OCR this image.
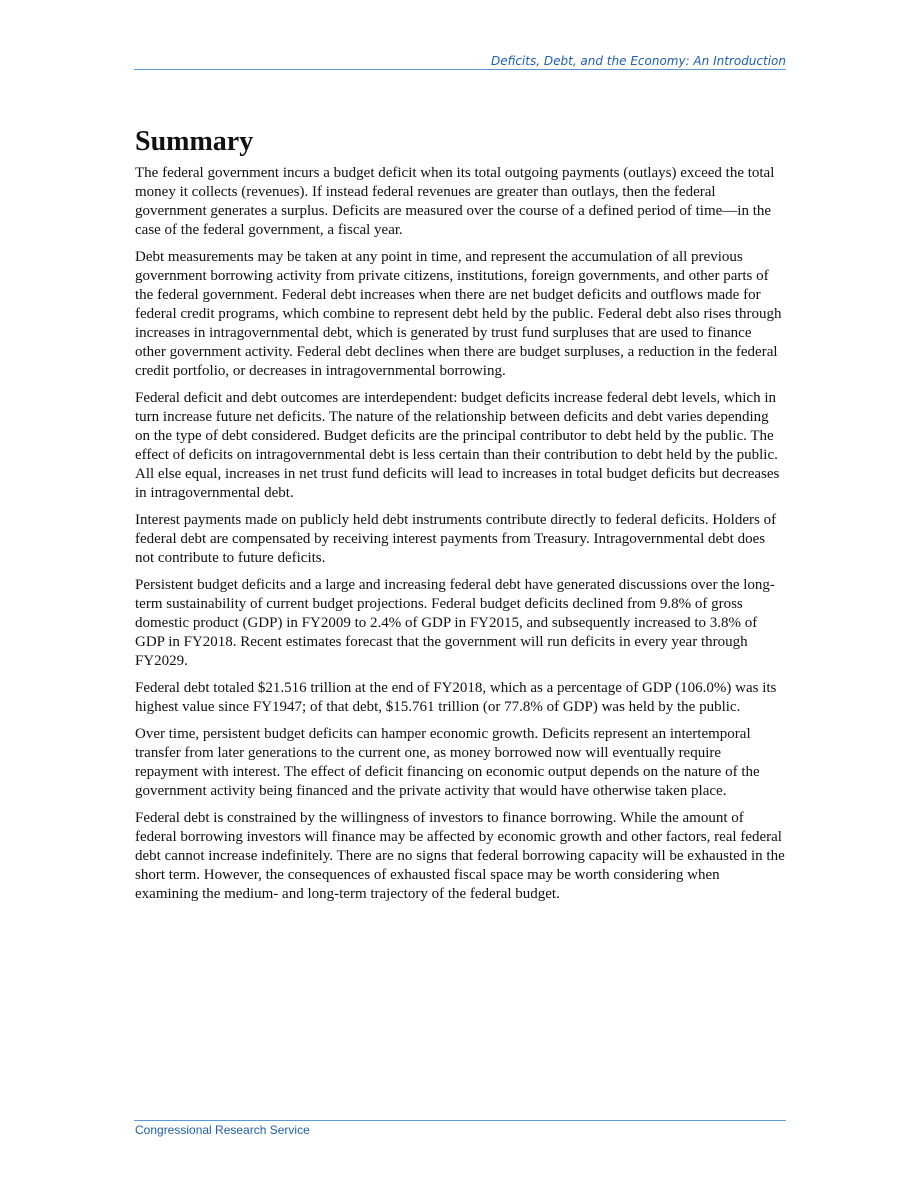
Deficits, Debt, and the Economy: An Introduction
Summary

The federal government incurs a budget deficit when its total outgoing payments (outlays) exceed the total money it collects (revenues). If instead federal revenues are greater than outlays, then the federal government generates a surplus. Deficits are measured over the course of a defined period of time—in the case of the federal government, a fiscal year.

Debt measurements may be taken at any point in time, and represent the accumulation of all previous government borrowing activity from private citizens, institutions, foreign governments, and other parts of the federal government. Federal debt increases when there are net budget deficits and outflows made for federal credit programs, which combine to represent debt held by the public. Federal debt also rises through increases in intragovernmental debt, which is generated by trust fund surpluses that are used to finance other government activity. Federal debt declines when there are budget surpluses, a reduction in the federal credit portfolio, or decreases in intragovernmental borrowing.

Federal deficit and debt outcomes are interdependent: budget deficits increase federal debt levels, which in turn increase future net deficits. The nature of the relationship between deficits and debt varies depending on the type of debt considered. Budget deficits are the principal contributor to debt held by the public. The effect of deficits on intragovernmental debt is less certain than their contribution to debt held by the public. All else equal, increases in net trust fund deficits will lead to increases in total budget deficits but decreases in intragovernmental debt.

Interest payments made on publicly held debt instruments contribute directly to federal deficits. Holders of federal debt are compensated by receiving interest payments from Treasury. Intragovernmental debt does not contribute to future deficits.

Persistent budget deficits and a large and increasing federal debt have generated discussions over the long-term sustainability of current budget projections. Federal budget deficits declined from 9.8% of gross domestic product (GDP) in FY2009 to 2.4% of GDP in FY2015, and subsequently increased to 3.8% of GDP in FY2018. Recent estimates forecast that the government will run deficits in every year through FY2029.

Federal debt totaled $21.516 trillion at the end of FY2018, which as a percentage of GDP (106.0%) was its highest value since FY1947; of that debt, $15.761 trillion (or 77.8% of GDP) was held by the public.

Over time, persistent budget deficits can hamper economic growth. Deficits represent an intertemporal transfer from later generations to the current one, as money borrowed now will eventually require repayment with interest. The effect of deficit financing on economic output depends on the nature of the government activity being financed and the private activity that would have otherwise taken place.

Federal debt is constrained by the willingness of investors to finance borrowing. While the amount of federal borrowing investors will finance may be affected by economic growth and other factors, real federal debt cannot increase indefinitely. There are no signs that federal borrowing capacity will be exhausted in the short term. However, the consequences of exhausted fiscal space may be worth considering when examining the medium- and long-term trajectory of the federal budget.

Congressional Research Service
